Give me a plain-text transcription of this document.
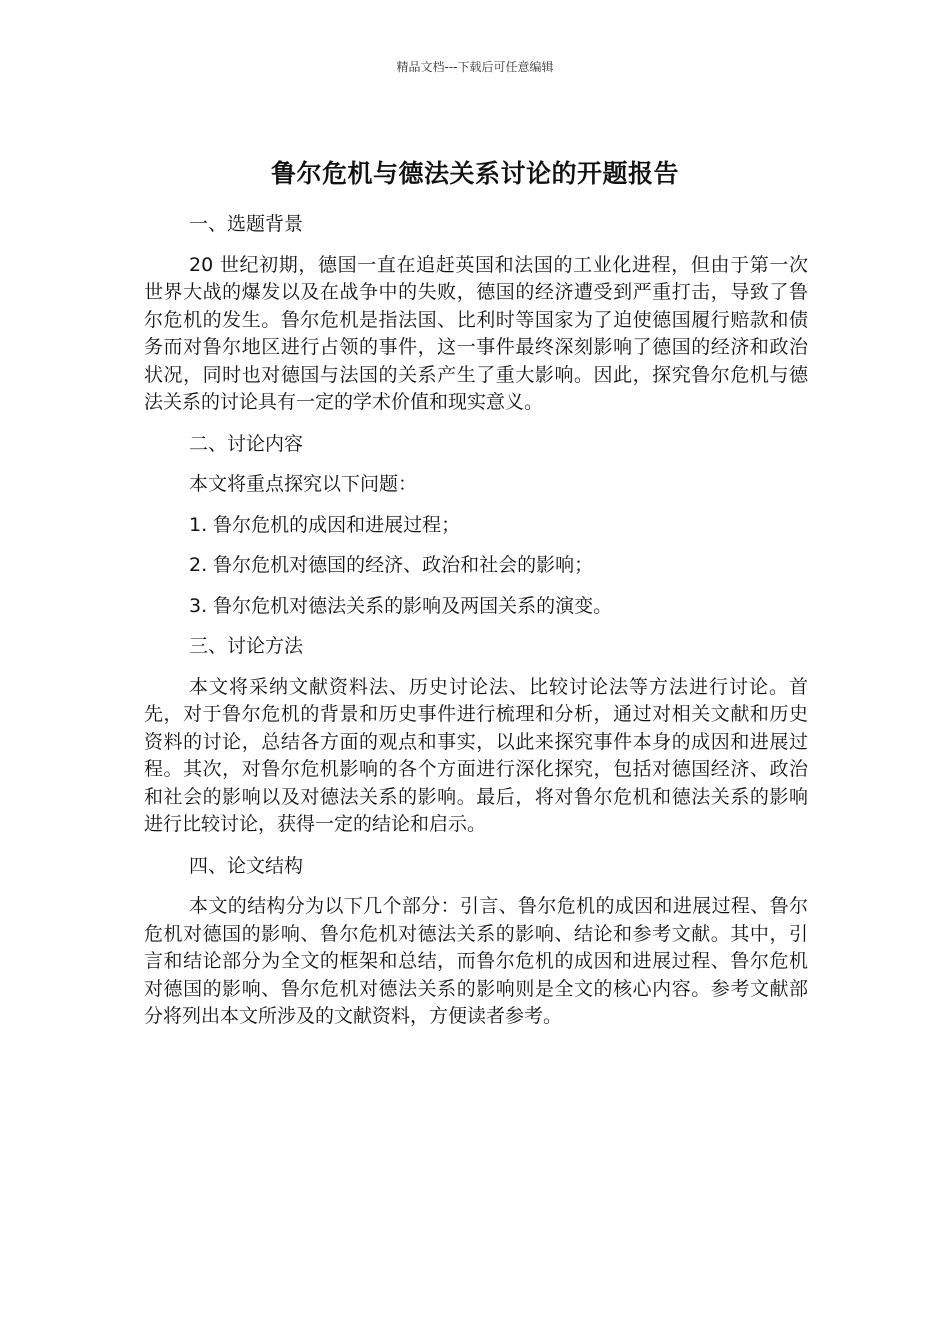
精品文档---下载后可任意编辑
鲁尔危机与德法关系讨论的开题报告

一、选题背景

20 世纪初期，德国一直在追赶英国和法国的工业化进程，但由于第一次世界大战的爆发以及在战争中的失败，德国的经济遭受到严重打击，导致了鲁尔危机的发生。鲁尔危机是指法国、比利时等国家为了迫使德国履行赔款和债务而对鲁尔地区进行占领的事件，这一事件最终深刻影响了德国的经济和政治状况，同时也对德国与法国的关系产生了重大影响。因此，探究鲁尔危机与德法关系的讨论具有一定的学术价值和现实意义。

二、讨论内容

本文将重点探究以下问题：

1. 鲁尔危机的成因和进展过程；

2. 鲁尔危机对德国的经济、政治和社会的影响；

3. 鲁尔危机对德法关系的影响及两国关系的演变。

三、讨论方法

本文将采纳文献资料法、历史讨论法、比较讨论法等方法进行讨论。首先，对于鲁尔危机的背景和历史事件进行梳理和分析，通过对相关文献和历史资料的讨论，总结各方面的观点和事实，以此来探究事件本身的成因和进展过程。其次，对鲁尔危机影响的各个方面进行深化探究，包括对德国经济、政治和社会的影响以及对德法关系的影响。最后，将对鲁尔危机和德法关系的影响进行比较讨论，获得一定的结论和启示。

四、论文结构

本文的结构分为以下几个部分：引言、鲁尔危机的成因和进展过程、鲁尔危机对德国的影响、鲁尔危机对德法关系的影响、结论和参考文献。其中，引言和结论部分为全文的框架和总结，而鲁尔危机的成因和进展过程、鲁尔危机对德国的影响、鲁尔危机对德法关系的影响则是全文的核心内容。参考文献部分将列出本文所涉及的文献资料，方便读者参考。
